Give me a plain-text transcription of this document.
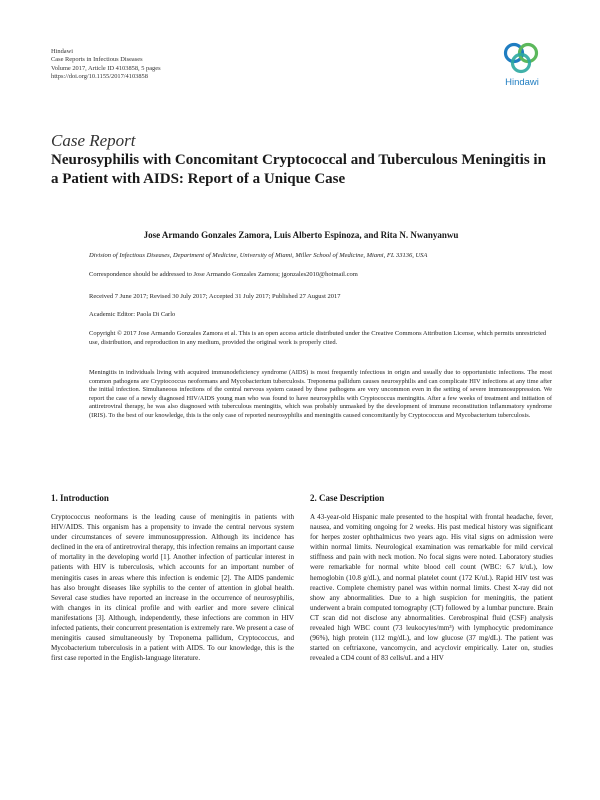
Hindawi
Case Reports in Infectious Diseases
Volume 2017, Article ID 4103858, 5 pages
https://doi.org/10.1155/2017/4103858
Hindawi
Case Report
Neurosyphilis with Concomitant Cryptococcal and Tuberculous Meningitis in a Patient with AIDS: Report of a Unique Case
Jose Armando Gonzales Zamora, Luis Alberto Espinoza, and Rita N. Nwanyanwu
Division of Infectious Diseases, Department of Medicine, University of Miami, Miller School of Medicine, Miami, FL 33136, USA
Correspondence should be addressed to Jose Armando Gonzales Zamora; jgonzales2010@hotmail.com
Received 7 June 2017; Revised 30 July 2017; Accepted 31 July 2017; Published 27 August 2017
Academic Editor: Paola Di Carlo
Copyright © 2017 Jose Armando Gonzales Zamora et al. This is an open access article distributed under the Creative Commons Attribution License, which permits unrestricted use, distribution, and reproduction in any medium, provided the original work is properly cited.
Meningitis in individuals living with acquired immunodeficiency syndrome (AIDS) is most frequently infectious in origin and usually due to opportunistic infections. The most common pathogens are Cryptococcus neoformans and Mycobacterium tuberculosis. Treponema pallidum causes neurosyphilis and can complicate HIV infections at any time after the initial infection. Simultaneous infections of the central nervous system caused by these pathogens are very uncommon even in the setting of severe immunosuppression. We report the case of a newly diagnosed HIV/AIDS young man who was found to have neurosyphilis with Cryptococcus meningitis. After a few weeks of treatment and initiation of antiretroviral therapy, he was also diagnosed with tuberculous meningitis, which was probably unmasked by the development of immune reconstitution inflammatory syndrome (IRIS). To the best of our knowledge, this is the only case of reported neurosyphilis and meningitis caused concomitantly by Cryptococcus and Mycobacterium tuberculosis.
1. Introduction

Cryptococcus neoformans is the leading cause of meningitis in patients with HIV/AIDS. This organism has a propensity to invade the central nervous system under circumstances of severe immunosuppression. Although its incidence has declined in the era of antiretroviral therapy, this infection remains an important cause of mortality in the developing world [1]. Another infection of particular interest in patients with HIV is tuberculosis, which accounts for an important number of meningitis cases in areas where this infection is endemic [2]. The AIDS pandemic has also brought diseases like syphilis to the center of attention in global health. Several case studies have reported an increase in the occurrence of neurosyphilis, with changes in its clinical profile and with earlier and more severe clinical manifestations [3]. Although, independently, these infections are common in HIV infected patients, their concurrent presentation is extremely rare. We present a case of meningitis caused simultaneously by Treponema pallidum, Cryptococcus, and Mycobacterium tuberculosis in a patient with AIDS. To our knowledge, this is the first case reported in the English-language literature.

2. Case Description

A 43-year-old Hispanic male presented to the hospital with frontal headache, fever, nausea, and vomiting ongoing for 2 weeks. His past medical history was significant for herpes zoster ophthalmicus two years ago. His vital signs on admission were within normal limits. Neurological examination was remarkable for mild cervical stiffness and pain with neck motion. No focal signs were noted. Laboratory studies were remarkable for normal white blood cell count (WBC: 6.7 k/uL), low hemoglobin (10.8 g/dL), and normal platelet count (172 K/uL). Rapid HIV test was reactive. Complete chemistry panel was within normal limits. Chest X-ray did not show any abnormalities. Due to a high suspicion for meningitis, the patient underwent a brain computed tomography (CT) followed by a lumbar puncture. Brain CT scan did not disclose any abnormalities. Cerebrospinal fluid (CSF) analysis revealed high WBC count (73 leukocytes/mm³) with lymphocytic predominance (96%), high protein (112 mg/dL), and low glucose (37 mg/dL). The patient was started on ceftriaxone, vancomycin, and acyclovir empirically. Later on, studies revealed a CD4 count of 83 cells/uL and a HIV
